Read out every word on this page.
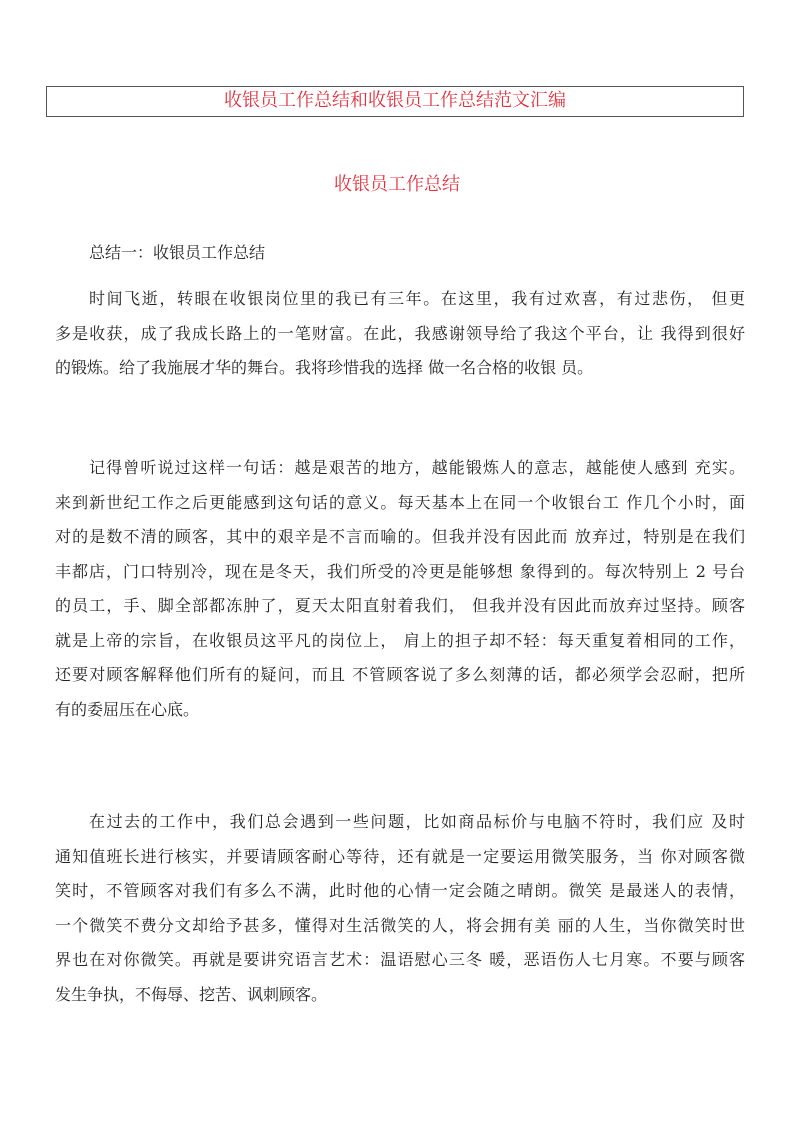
收银员工作总结和收银员工作总结范文汇编
收银员工作总结
总结一：收银员工作总结
时间飞逝，转眼在收银岗位里的我已有三年。在这里，我有过欢喜，有过悲伤， 但更
多是收获，成了我成长路上的一笔财富。在此，我感谢领导给了我这个平台，让 我得到很好
的锻炼。给了我施展才华的舞台。我将珍惜我的选择 做一名合格的收银 员。
记得曾听说过这样一句话：越是艰苦的地方，越能锻炼人的意志，越能使人感到 充实。
来到新世纪工作之后更能感到这句话的意义。每天基本上在同一个收银台工 作几个小时，面
对的是数不清的顾客，其中的艰辛是不言而喻的。但我并没有因此而 放弃过，特别是在我们
丰都店，门口特别冷，现在是冬天，我们所受的冷更是能够想 象得到的。每次特别上 2 号台
的员工，手、脚全部都冻肿了，夏天太阳直射着我们， 但我并没有因此而放弃过坚持。顾客
就是上帝的宗旨，在收银员这平凡的岗位上， 肩上的担子却不轻：每天重复着相同的工作，
还要对顾客解释他们所有的疑问，而且 不管顾客说了多么刻薄的话，都必须学会忍耐，把所
有的委屈压在心底。
在过去的工作中，我们总会遇到一些问题，比如商品标价与电脑不符时，我们应 及时
通知值班长进行核实，并要请顾客耐心等待，还有就是一定要运用微笑服务，当 你对顾客微
笑时，不管顾客对我们有多么不满，此时他的心情一定会随之晴朗。微笑 是最迷人的表情，
一个微笑不费分文却给予甚多，懂得对生活微笑的人，将会拥有美 丽的人生，当你微笑时世
界也在对你微笑。再就是要讲究语言艺术：温语慰心三冬 暖，恶语伤人七月寒。不要与顾客
发生争执，不侮辱、挖苦、讽刺顾客。
